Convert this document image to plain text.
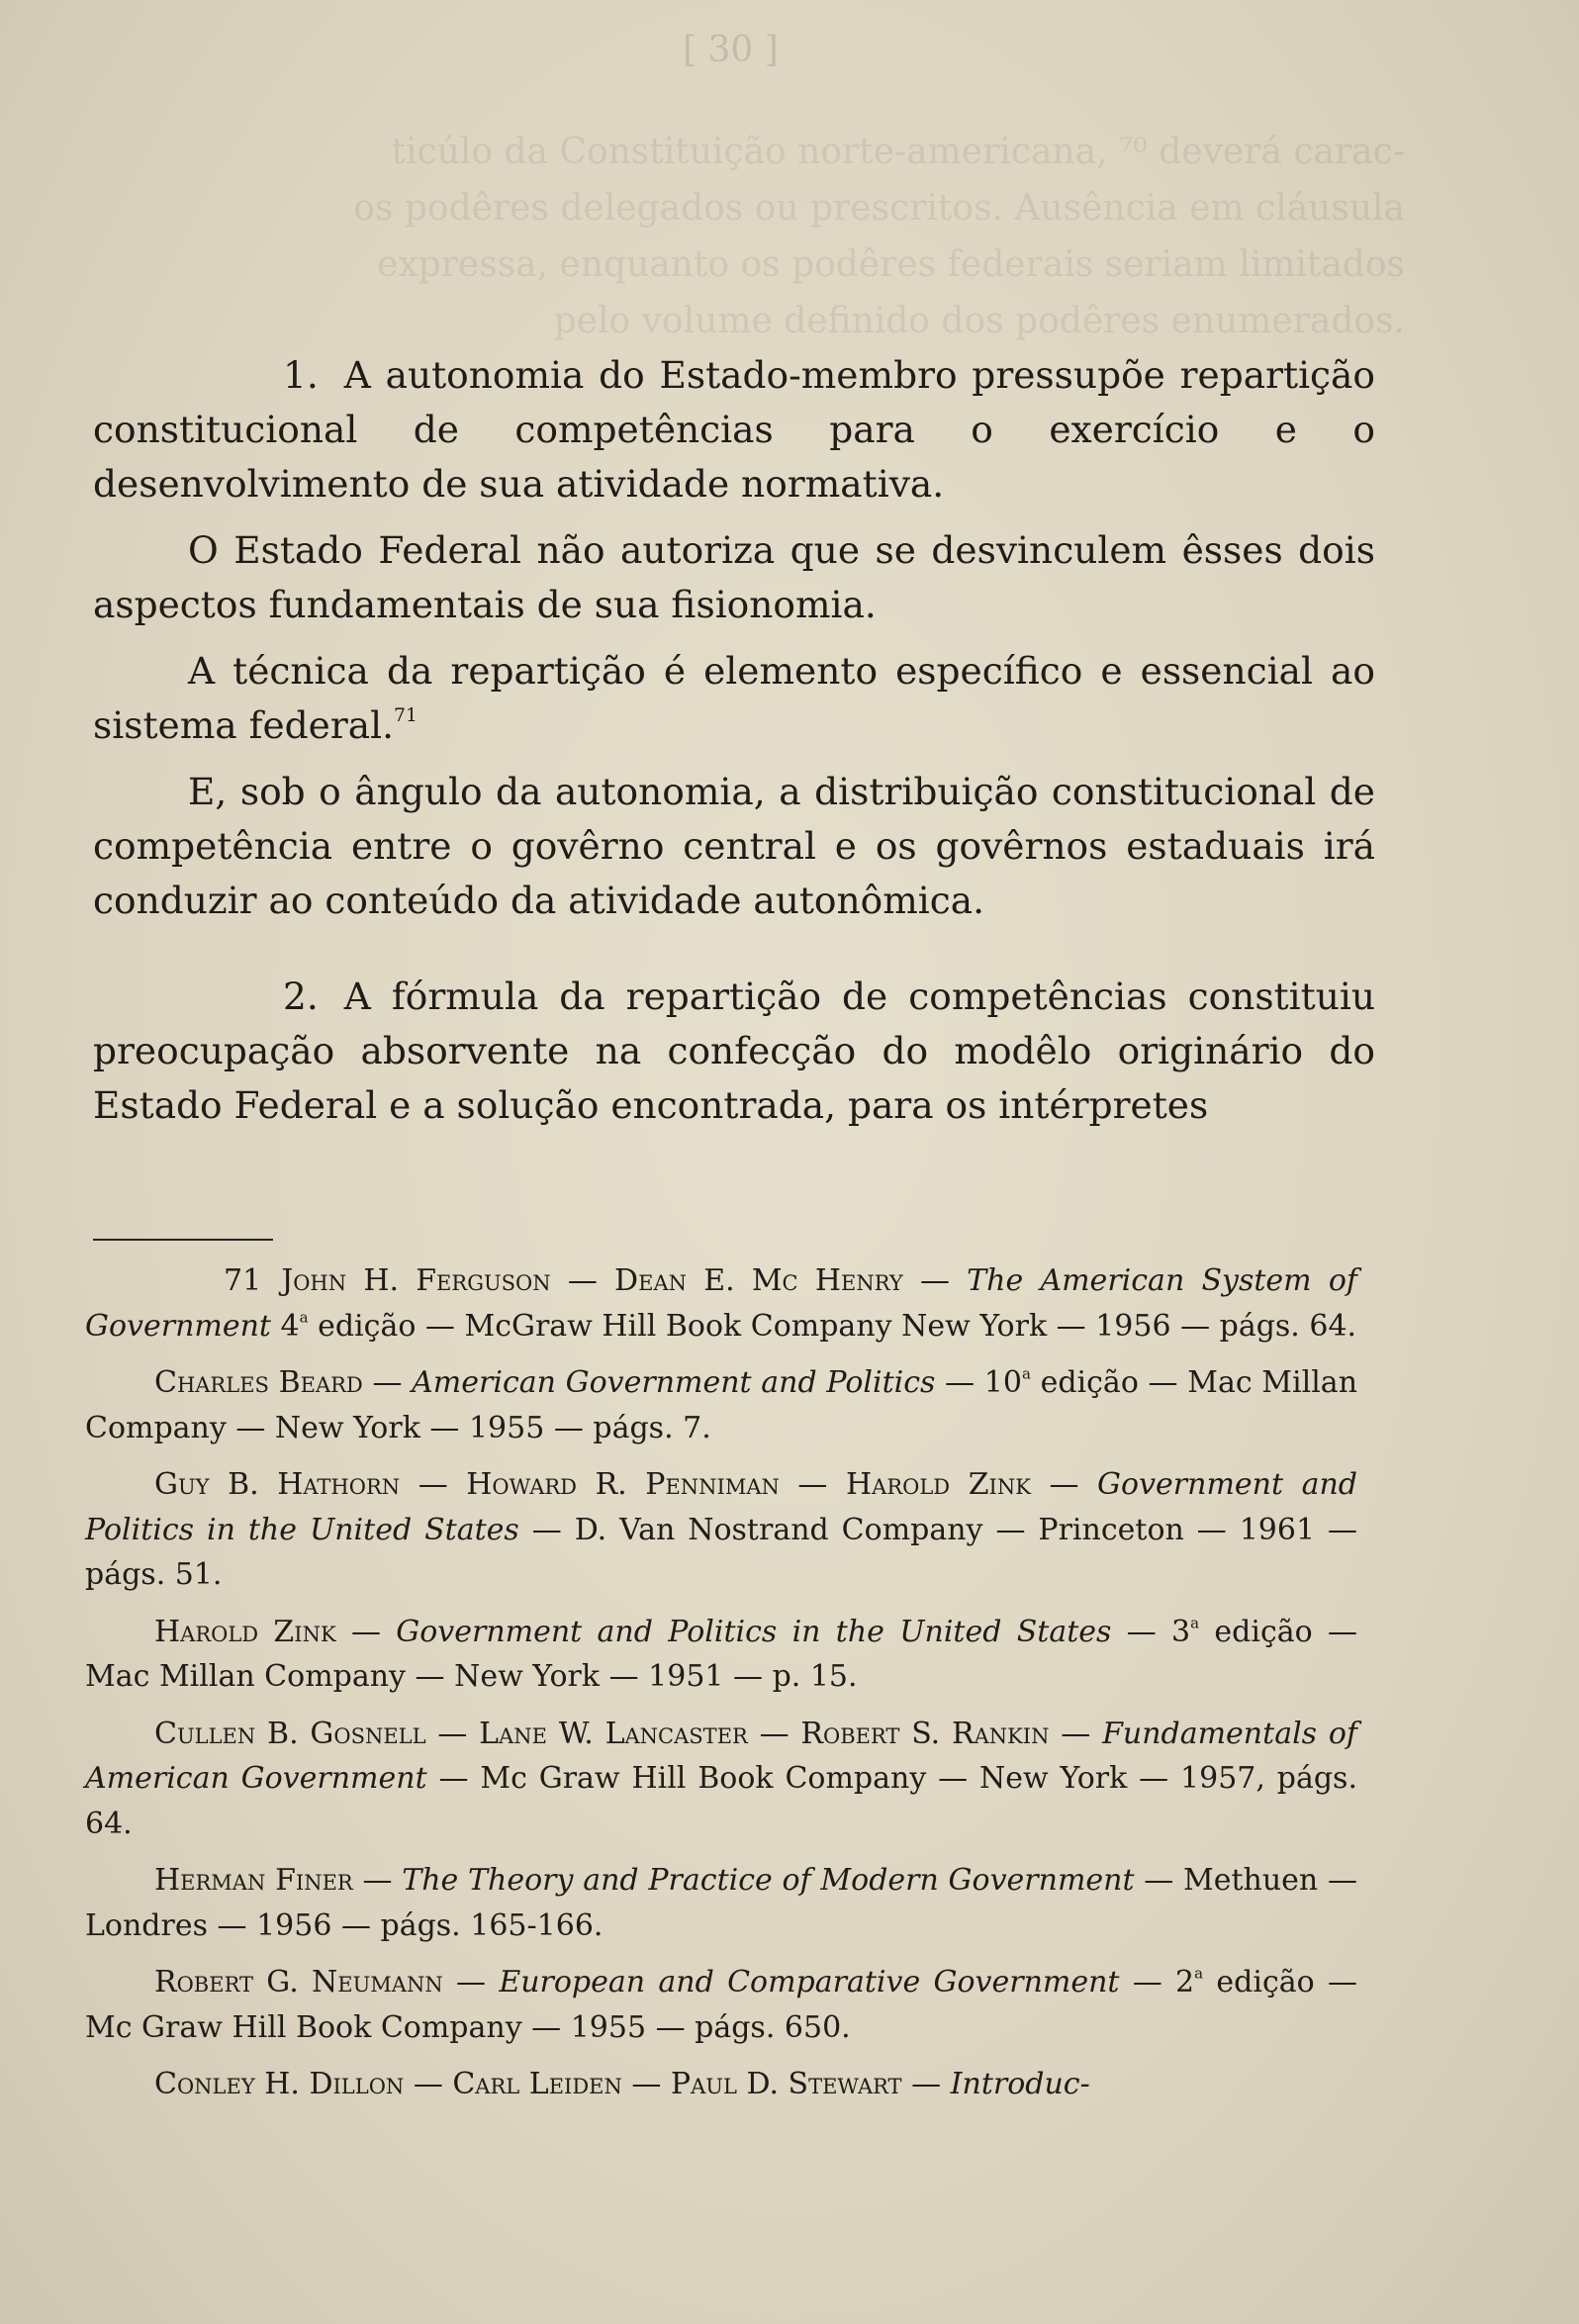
[ 30 ]
ticúlo da Constituição norte-americana, ⁷⁰ deverá carac-
os podêres delegados ou prescritos. Ausência em cláusula
expressa, enquanto os podêres federais seriam limitados
pelo volume definido dos podêres enumerados.

1. A autonomia do Estado-membro pressupõe repartição constitucional de competências para o exercício e o desenvolvimento de sua atividade normativa.

O Estado Federal não autoriza que se desvinculem êsses dois aspectos fundamentais de sua fisionomia.

A técnica da repartição é elemento específico e essencial ao sistema federal.$^{71}$

E, sob o ângulo da autonomia, a distribuição constitucional de competência entre o govêrno central e os govêrnos estaduais irá conduzir ao conteúdo da atividade autonômica.

2. A fórmula da repartição de competências constituiu preocupação absorvente na confecção do modêlo originário do Estado Federal e a solução encontrada, para os intérpretes

71 John H. Ferguson — Dean E. Mc Henry — The American System of Government 4$^a$ edição — McGraw Hill Book Company New York — 1956 — págs. 64.

Charles Beard — American Government and Politics — 10$^a$ edição — Mac Millan Company — New York — 1955 — págs. 7.

Guy B. Hathorn — Howard R. Penniman — Harold Zink — Government and Politics in the United States — D. Van Nostrand Company — Princeton — 1961 — págs. 51.

Harold Zink — Government and Politics in the United States — 3$^a$ edição — Mac Millan Company — New York — 1951 — p. 15.

Cullen B. Gosnell — Lane W. Lancaster — Robert S. Rankin — Fundamentals of American Government — Mc Graw Hill Book Company — New York — 1957, págs. 64.

Herman Finer — The Theory and Practice of Modern Government — Methuen — Londres — 1956 — págs. 165-166.

Robert G. Neumann — European and Comparative Government — 2$^a$ edição — Mc Graw Hill Book Company — 1955 — págs. 650.

Conley H. Dillon — Carl Leiden — Paul D. Stewart — Introduc-
